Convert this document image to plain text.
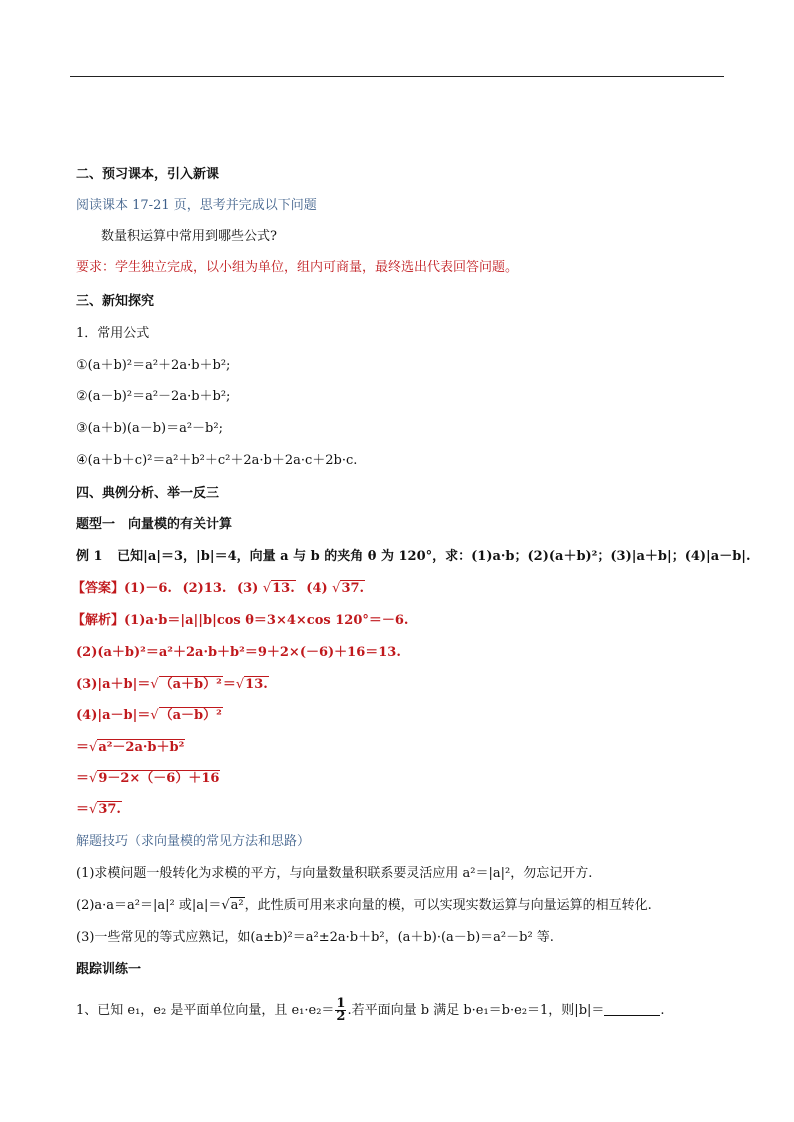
二、预习课本，引入新课
阅读课本 17-21 页，思考并完成以下问题
数量积运算中常用到哪些公式?
要求：学生独立完成，以小组为单位，组内可商量，最终选出代表回答问题。
三、新知探究
1．常用公式
①(a＋b)²＝a²＋2a·b＋b²;
②(a－b)²＝a²－2a·b＋b²;
③(a＋b)(a－b)＝a²－b²;
④(a＋b＋c)²＝a²＋b²＋c²＋2a·b＋2a·c＋2b·c.
四、典例分析、举一反三
题型一　向量模的有关计算
例 1 已知|a|＝3，|b|＝4，向量 a 与 b 的夹角 θ 为 120°，求：(1)a·b；(2)(a＋b)²；(3)|a＋b|；(4)|a－b|.
【答案】(1)－6. (2)13. (3) √13. (4) √37.
【解析】(1)a·b＝|a||b|cos θ＝3×4×cos 120°＝－6.
(2)(a＋b)²＝a²＋2a·b＋b²＝9＋2×(－6)＋16＝13.
(3)|a＋b|＝√（a＋b）²＝√13.
(4)|a－b|＝√（a－b）²
＝√a²－2a·b＋b²
＝√9－2×（－6）＋16
＝√37.
解题技巧（求向量模的常见方法和思路）
(1)求模问题一般转化为求模的平方，与向量数量积联系要灵活应用 a²＝|a|²，勿忘记开方.
(2)a·a＝a²＝|a|² 或|a|＝√a²，此性质可用来求向量的模，可以实现实数运算与向量运算的相互转化.
(3)一些常见的等式应熟记，如(a±b)²＝a²±2a·b＋b²，(a＋b)·(a－b)＝a²－b² 等.
跟踪训练一
1、已知 e₁，e₂ 是平面单位向量，且 $e_1\cdot e_2= \frac{1}{2}$ .若平面向量 b 满足 b·e₁＝b·e₂＝1，则|b|＝	.
